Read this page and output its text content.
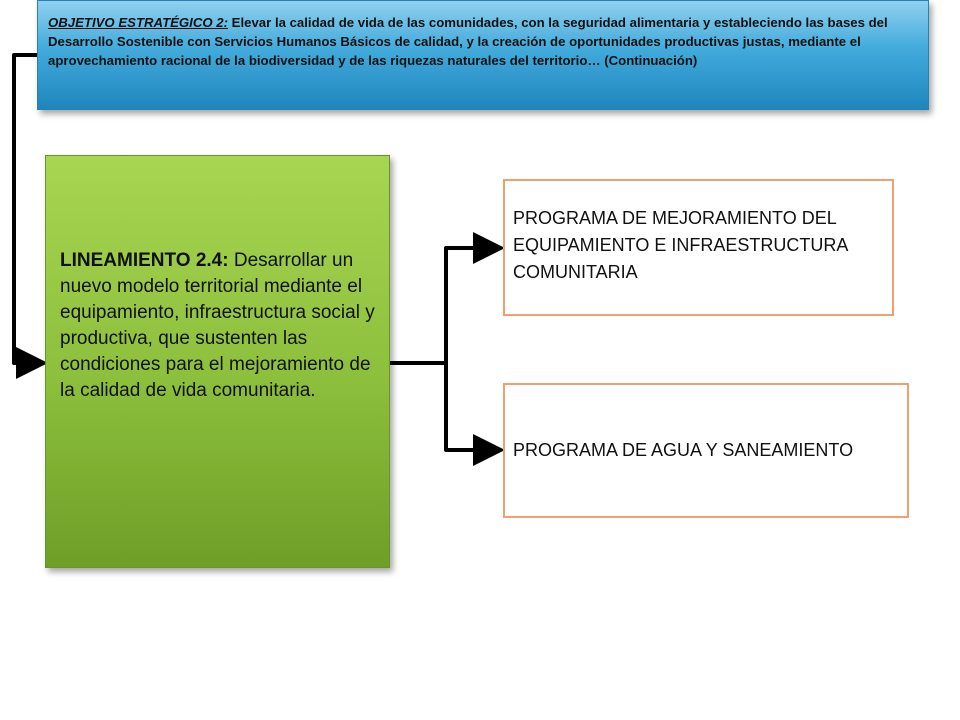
OBJETIVO ESTRATÉGICO 2: Elevar la calidad de vida de las comunidades, con la seguridad alimentaria y estableciendo las bases del Desarrollo Sostenible con Servicios Humanos Básicos de calidad, y la creación de oportunidades productivas justas, mediante el aprovechamiento racional de la biodiversidad y de las riquezas naturales del territorio… (Continuación)
LINEAMIENTO 2.4: Desarrollar un nuevo modelo territorial mediante el equipamiento, infraestructura social y productiva, que sustenten las condiciones para el mejoramiento de la calidad de vida comunitaria.
PROGRAMA DE MEJORAMIENTO DEL EQUIPAMIENTO E INFRAESTRUCTURA COMUNITARIA
PROGRAMA DE AGUA Y SANEAMIENTO
